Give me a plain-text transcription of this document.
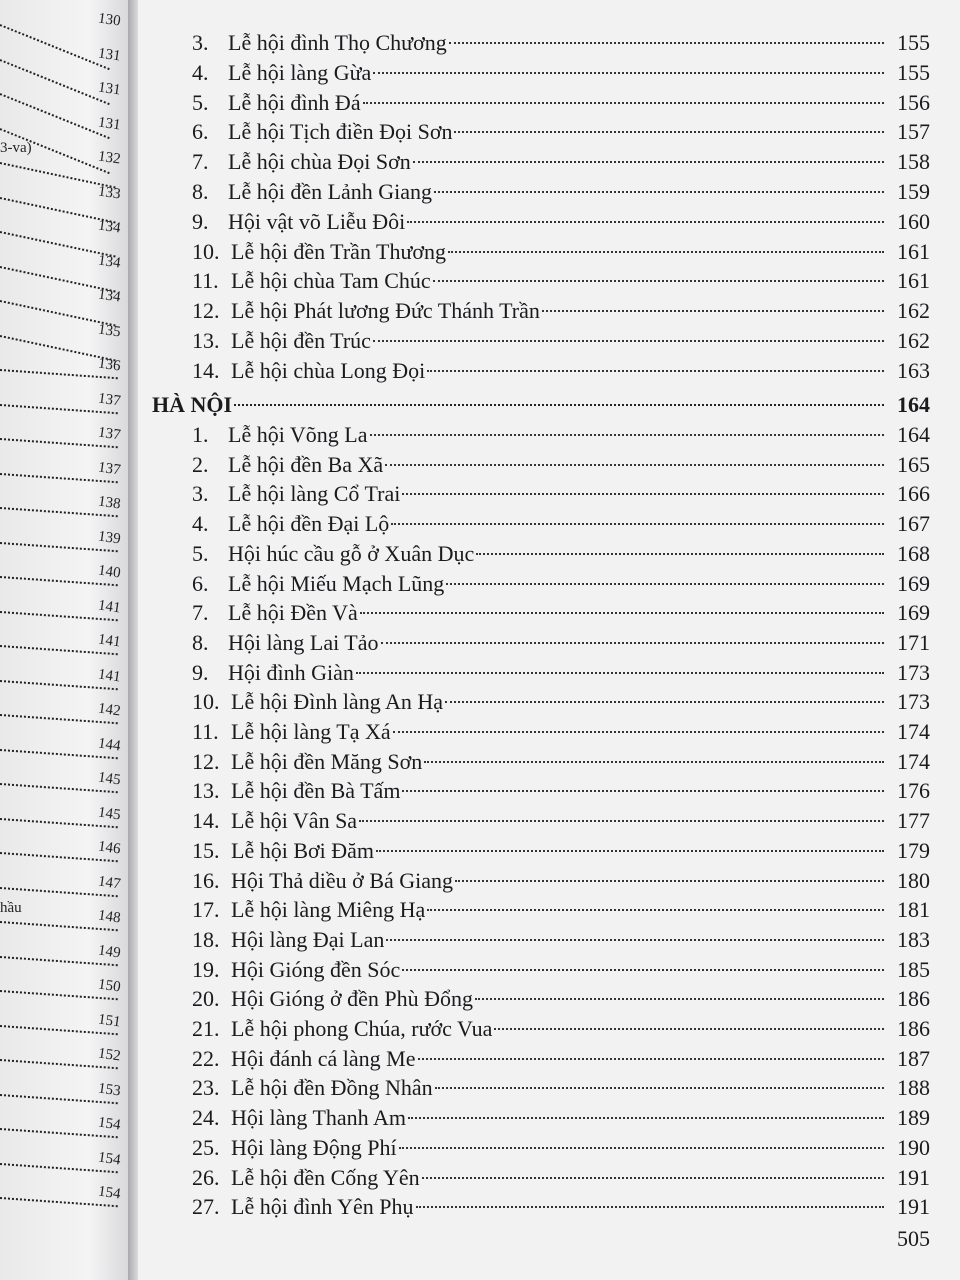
130
131
131
131
132
133
134
134
134
135
136
137
137
137
138
139
140
141
141
141
142
144
145
145
146
147
148
149
150
151
152
153
154
154
154
3-va)
hầu
HÀ NỘI	164
505
3. Lễ hội đình Thọ Chương	155
4. Lễ hội làng Gừa	155
5. Lễ hội đình Đá	156
6. Lễ hội Tịch điền Đọi Sơn	157
7. Lễ hội chùa Đọi Sơn	158
8. Lễ hội đền Lảnh Giang	159
9. Hội vật võ Liễu Đôi	160
10. Lễ hội đền Trần Thương	161
11. Lễ hội chùa Tam Chúc	161
12. Lễ hội Phát lương Đức Thánh Trần	162
13. Lễ hội đền Trúc	162
14. Lễ hội chùa Long Đọi	163
1. Lễ hội Võng La	164
2. Lễ hội đền Ba Xã	165
3. Lễ hội làng Cổ Trai	166
4. Lễ hội đền Đại Lộ	167
5. Hội húc cầu gỗ ở Xuân Dục	168
6. Lễ hội Miếu Mạch Lũng	169
7. Lễ hội Đền Và	169
8. Hội làng Lai Tảo	171
9. Hội đình Giàn	173
10. Lễ hội Đình làng An Hạ	173
11. Lễ hội làng Tạ Xá	174
12. Lễ hội đền Măng Sơn	174
13. Lễ hội đền Bà Tấm	176
14. Lễ hội Vân Sa	177
15. Lễ hội Bơi Đăm	179
16. Hội Thả diều ở Bá Giang	180
17. Lễ hội làng Miêng Hạ	181
18. Hội làng Đại Lan	183
19. Hội Gióng đền Sóc	185
20. Hội Gióng ở đền Phù Đổng	186
21. Lễ hội phong Chúa, rước Vua	186
22. Hội đánh cá làng Me	187
23. Lễ hội đền Đồng Nhân	188
24. Hội làng Thanh Am	189
25. Hội làng Động Phí	190
26. Lễ hội đền Cống Yên	191
27. Lễ hội đình Yên Phụ	191
